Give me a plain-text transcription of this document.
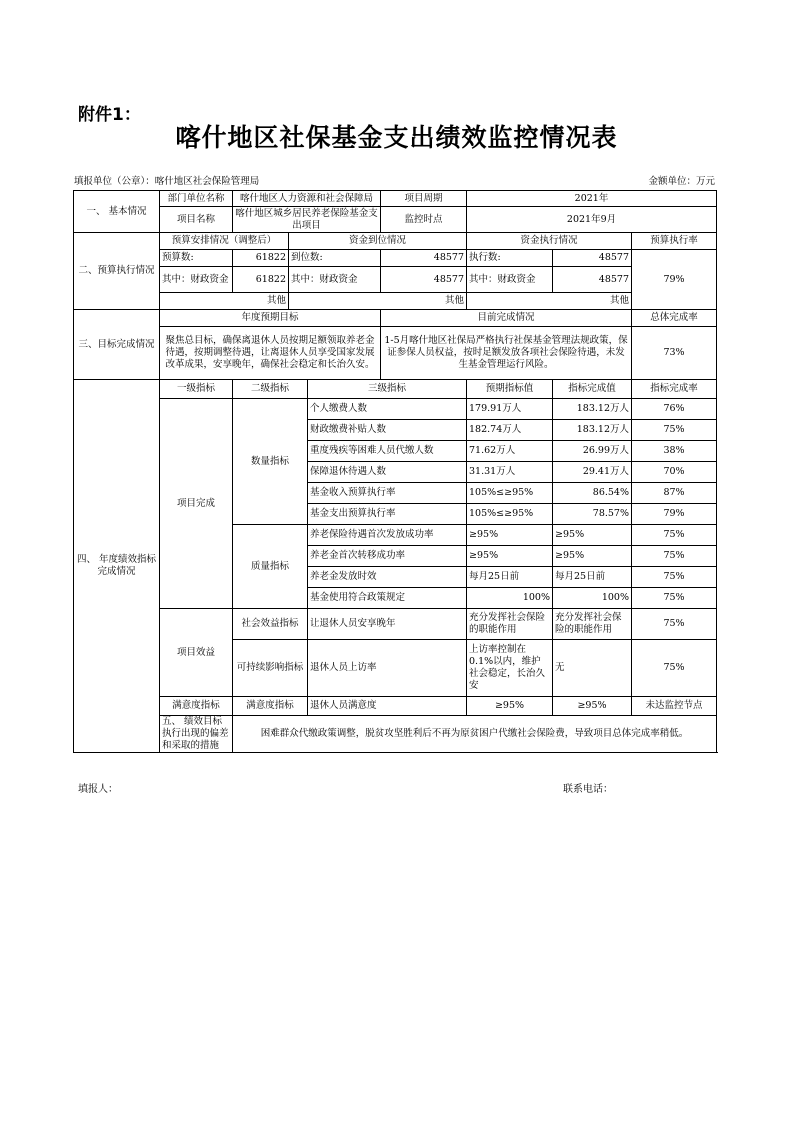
附件1：
喀什地区社保基金支出绩效监控情况表
填报单位（公章）：喀什地区社会保险管理局	金额单位：万元
一、 基本情况	部门单位名称	喀什地区人力资源和社会保障局			项目周期	2021年		
	项目名称	喀什地区城乡居民养老保险基金支出项目			监控时点	2021年9月		
二、预算执行情况	预算安排情况（调整后）		资金到位情况			资金执行情况		预算执行率
	预算数:	61822	到位数:		48577	执行数:	48577	79%
	其中：财政资金	61822	其中：财政资金		48577	其中：财政资金	48577	
	其他		其他			其他		
三、目标完成情况	年度预期目标				目前完成情况			总体完成率
	聚焦总目标，确保离退休人员按期足额领取养老金待遇，按期调整待遇，让离退休人员享受国家发展改革成果，安享晚年，确保社会稳定和长治久安。				1-5月喀什地区社保局严格执行社保基金管理法规政策，保证参保人员权益，按时足额发放各项社会保险待遇，未发生基金管理运行风险。			73%
四、 年度绩效指标完成情况	一级指标	二级指标		三级指标		预期指标值	指标完成值	指标完成率
	项目完成	数量指标		个人缴费人数		179.91万人	183.12万人	76%
				财政缴费补贴人数		182.74万人	183.12万人	75%
				重度残疾等困难人员代缴人数		71.62万人	26.99万人	38%
				保障退休待遇人数		31.31万人	29.41万人	70%
				基金收入预算执行率		105%≤≥95%	86.54%	87%
				基金支出预算执行率		105%≤≥95%	78.57%	79%
		质量指标		养老保险待遇首次发放成功率		≥95%	≥95%	75%
				养老金首次转移成功率		≥95%	≥95%	75%
				养老金发放时效		每月25日前	每月25日前	75%
				基金使用符合政策规定		100%	100%	75%
	项目效益	社会效益指标		让退休人员安享晚年		充分发挥社会保险的职能作用	充分发挥社会保险的职能作用	75%
		可持续影响指标		退休人员上访率		上访率控制在0.1%以内，维护社会稳定，长治久安	无	75%
	满意度指标	满意度指标		退休人员满意度		≥95%	≥95%	未达监控节点
	五、 绩效目标执行出现的偏差和采取的措施	困难群众代缴政策调整，脱贫攻坚胜利后不再为原贫困户代缴社会保险费，导致项目总体完成率稍低。						
填报人：	联系电话：
